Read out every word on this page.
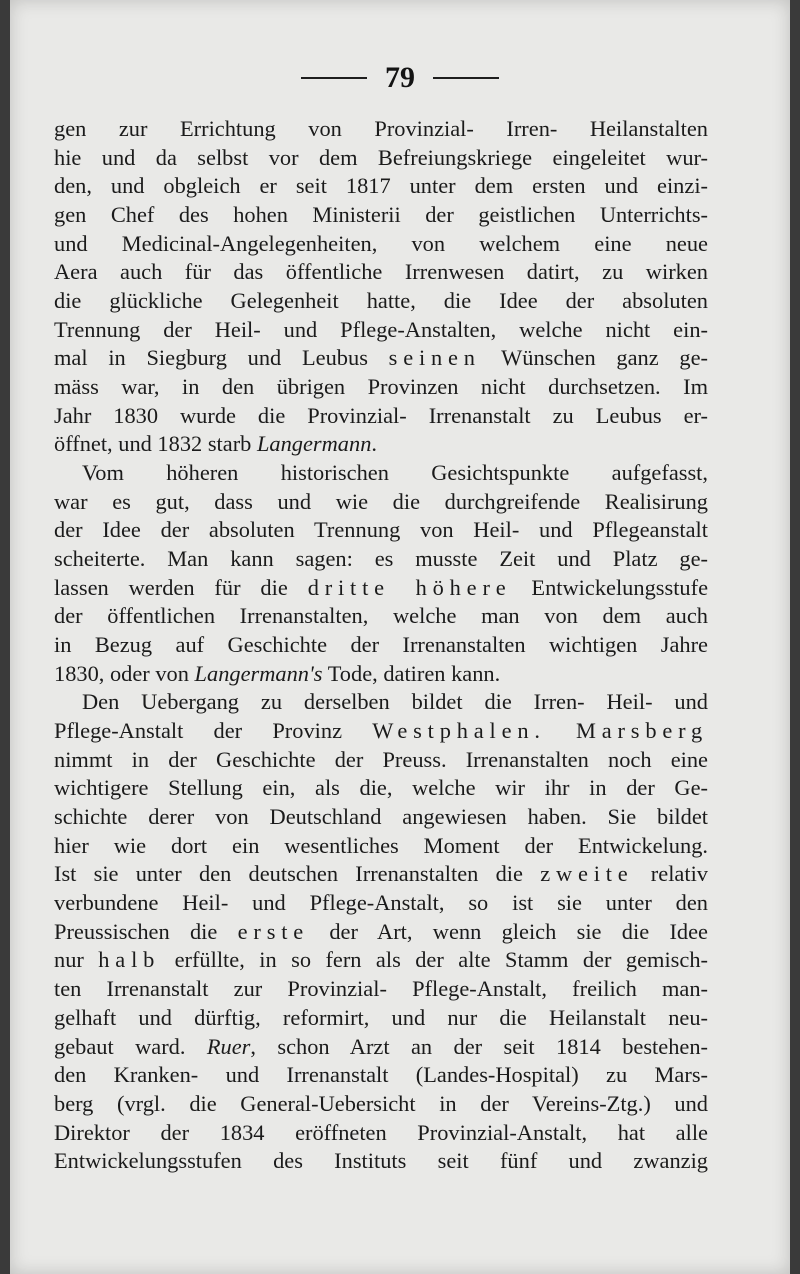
79
gen zur Errichtung von Provinzial- Irren- Heilanstalten
hie und da selbst vor dem Befreiungskriege eingeleitet wur-
den, und obgleich er seit 1817 unter dem ersten und einzi-
gen Chef des hohen Ministerii der geistlichen Unterrichts-
und Medicinal-Angelegenheiten, von welchem eine neue
Aera auch für das öffentliche Irrenwesen datirt, zu wirken
die glückliche Gelegenheit hatte, die Idee der absoluten
Trennung der Heil- und Pflege-Anstalten, welche nicht ein-
mal in Siegburg und Leubus seinen Wünschen ganz ge-
mäss war, in den übrigen Provinzen nicht durchsetzen. Im
Jahr 1830 wurde die Provinzial- Irrenanstalt zu Leubus er-
öffnet, und 1832 starb Langermann.
Vom höheren historischen Gesichtspunkte aufgefasst,
war es gut, dass und wie die durchgreifende Realisirung
der Idee der absoluten Trennung von Heil- und Pflegeanstalt
scheiterte. Man kann sagen: es musste Zeit und Platz ge-
lassen werden für die dritte höhere Entwickelungsstufe
der öffentlichen Irrenanstalten, welche man von dem auch
in Bezug auf Geschichte der Irrenanstalten wichtigen Jahre
1830, oder von Langermann's Tode, datiren kann.
Den Uebergang zu derselben bildet die Irren- Heil- und
Pflege-Anstalt der Provinz Westphalen. Marsberg
nimmt in der Geschichte der Preuss. Irrenanstalten noch eine
wichtigere Stellung ein, als die, welche wir ihr in der Ge-
schichte derer von Deutschland angewiesen haben. Sie bildet
hier wie dort ein wesentliches Moment der Entwickelung.
Ist sie unter den deutschen Irrenanstalten die zweite relativ
verbundene Heil- und Pflege-Anstalt, so ist sie unter den
Preussischen die erste der Art, wenn gleich sie die Idee
nur halb erfüllte, in so fern als der alte Stamm der gemisch-
ten Irrenanstalt zur Provinzial- Pflege-Anstalt, freilich man-
gelhaft und dürftig, reformirt, und nur die Heilanstalt neu-
gebaut ward. Ruer, schon Arzt an der seit 1814 bestehen-
den Kranken- und Irrenanstalt (Landes-Hospital) zu Mars-
berg (vrgl. die General-Uebersicht in der Vereins-Ztg.) und
Direktor der 1834 eröffneten Provinzial-Anstalt, hat alle
Entwickelungsstufen des Instituts seit fünf und zwanzig
